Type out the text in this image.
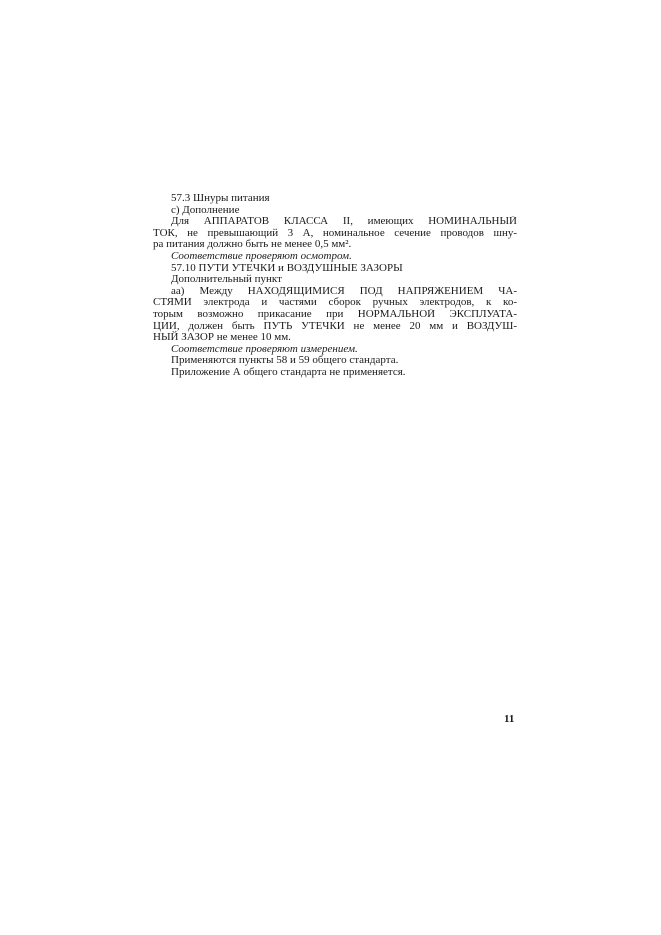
57.3 Шнуры питания
с) Дополнение
Для АППАРАТОВ КЛАССА II, имеющих НОМИНАЛЬНЫЙ
ТОК, не превышающий 3 А, номинальное сечение проводов шну-
ра питания должно быть не менее 0,5 мм².
Соответствие проверяют осмотром.
57.10 ПУТИ УТЕЧКИ и ВОЗДУШНЫЕ ЗАЗОРЫ
Дополнительный пункт
аа) Между НАХОДЯЩИМИСЯ ПОД НАПРЯЖЕНИЕМ ЧА-
СТЯМИ электрода и частями сборок ручных электродов, к ко-
торым возможно прикасание при НОРМАЛЬНОЙ ЭКСПЛУАТА-
ЦИИ, должен быть ПУТЬ УТЕЧКИ не менее 20 мм и ВОЗДУШ-
НЫЙ ЗАЗОР не менее 10 мм.
Соответствие проверяют измерением.
Применяются пункты 58 и 59 общего стандарта.
Приложение А общего стандарта не применяется.
11
